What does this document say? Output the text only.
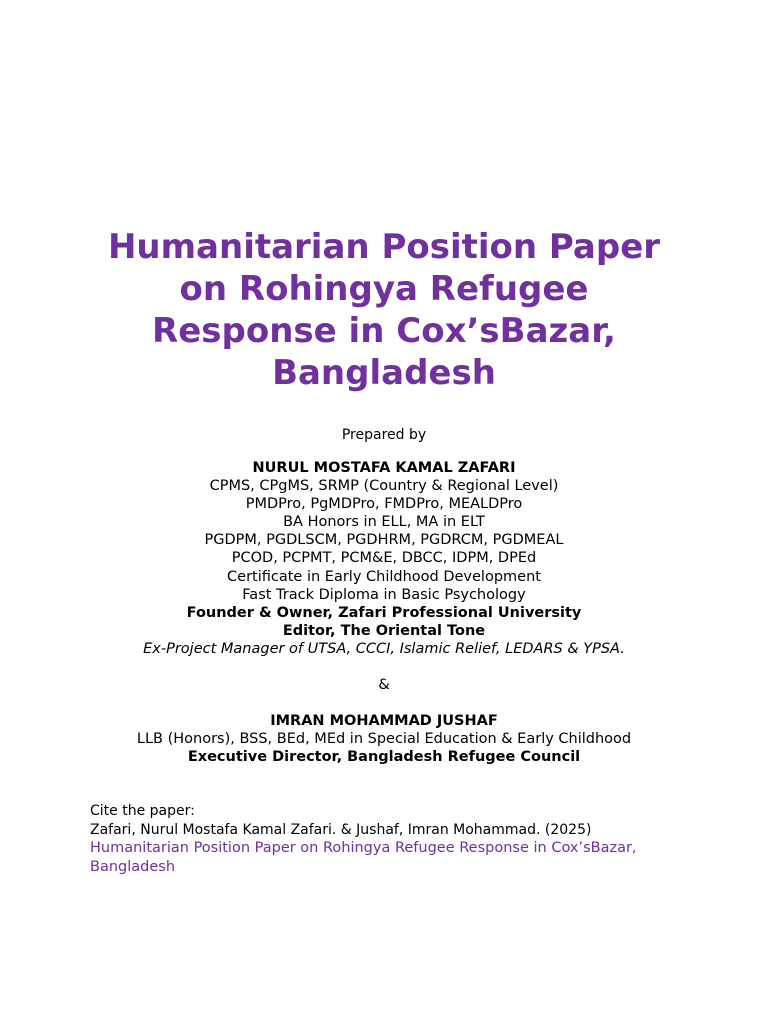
Humanitarian Position Paper
on Rohingya Refugee
Response in Cox’sBazar,
Bangladesh
Prepared by
NURUL MOSTAFA KAMAL ZAFARI
CPMS, CPgMS, SRMP (Country & Regional Level)
PMDPro, PgMDPro, FMDPro, MEALDPro
BA Honors in ELL, MA in ELT
PGDPM, PGDLSCM, PGDHRM, PGDRCM, PGDMEAL
PCOD, PCPMT, PCM&E, DBCC, IDPM, DPEd
Certificate in Early Childhood Development
Fast Track Diploma in Basic Psychology
Founder & Owner, Zafari Professional University
Editor, The Oriental Tone
Ex-Project Manager of UTSA, CCCI, Islamic Relief, LEDARS & YPSA.
&
IMRAN MOHAMMAD JUSHAF
LLB (Honors), BSS, BEd, MEd in Special Education & Early Childhood
Executive Director, Bangladesh Refugee Council
Cite the paper:
Zafari, Nurul Mostafa Kamal Zafari. & Jushaf, Imran Mohammad. (2025)
Humanitarian Position Paper on Rohingya Refugee Response in Cox’sBazar,
Bangladesh
